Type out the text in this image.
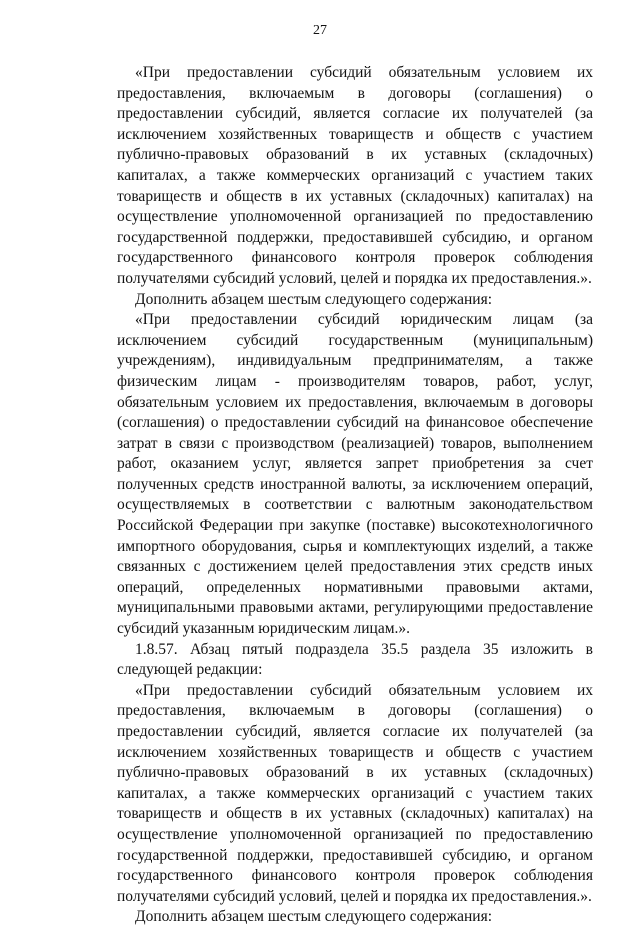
27

«При предоставлении субсидий обязательным условием их предоставления, включаемым в договоры (соглашения) о предоставлении субсидий, является согласие их получателей (за исключением хозяйственных товариществ и обществ с участием публично-правовых образований в их уставных (складочных) капиталах, а также коммерческих организаций с участием таких товариществ и обществ в их уставных (складочных) капиталах) на осуществление уполномоченной организацией по предоставлению государственной поддержки, предоставившей субсидию, и органом государственного финансового контроля проверок соблюдения получателями субсидий условий, целей и порядка их предоставления.».

Дополнить абзацем шестым следующего содержания:

«При предоставлении субсидий юридическим лицам (за исключением субсидий государственным (муниципальным) учреждениям), индивидуальным предпринимателям, а также физическим лицам - производителям товаров, работ, услуг, обязательным условием их предоставления, включаемым в договоры (соглашения) о предоставлении субсидий на финансовое обеспечение затрат в связи с производством (реализацией) товаров, выполнением работ, оказанием услуг, является запрет приобретения за счет полученных средств иностранной валюты, за исключением операций, осуществляемых в соответствии с валютным законодательством Российской Федерации при закупке (поставке) высокотехнологичного импортного оборудования, сырья и комплектующих изделий, а также связанных с достижением целей предоставления этих средств иных операций, определенных нормативными правовыми актами, муниципальными правовыми актами, регулирующими предоставление субсидий указанным юридическим лицам.».

1.8.57. Абзац пятый подраздела 35.5 раздела 35 изложить в следующей редакции:

«При предоставлении субсидий обязательным условием их предоставления, включаемым в договоры (соглашения) о предоставлении субсидий, является согласие их получателей (за исключением хозяйственных товариществ и обществ с участием публично-правовых образований в их уставных (складочных) капиталах, а также коммерческих организаций с участием таких товариществ и обществ в их уставных (складочных) капиталах) на осуществление уполномоченной организацией по предоставлению государственной поддержки, предоставившей субсидию, и органом государственного финансового контроля проверок соблюдения получателями субсидий условий, целей и порядка их предоставления.».

Дополнить абзацем шестым следующего содержания:
